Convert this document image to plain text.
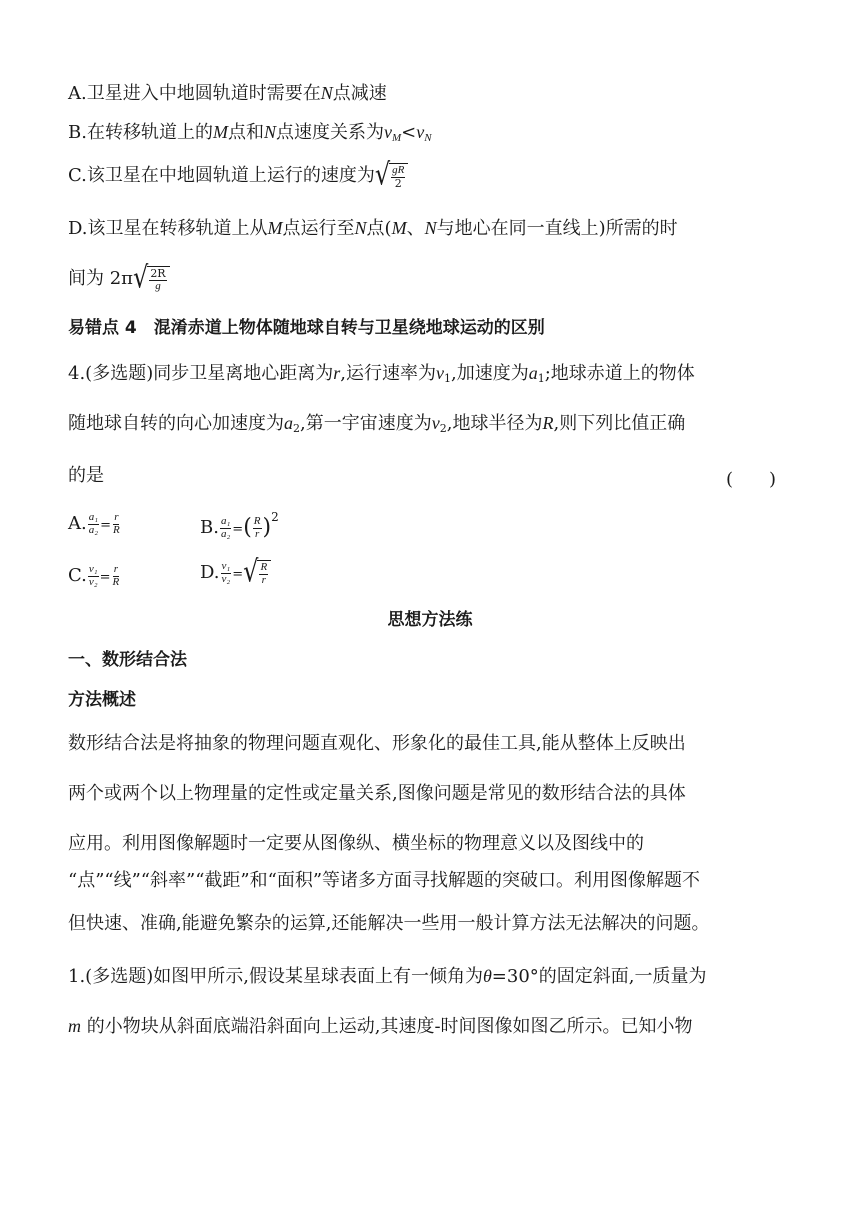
A.卫星进入中地圆轨道时需要在N点减速
B.在转移轨道上的M点和N点速度关系为$v_M<v_N$
C.该卫星在中地圆轨道上运行的速度为 √ $\frac{gR}{2}$
D.该卫星在转移轨道上从M点运行至N点(M、N与地心在同一直线上)所需的时
间为 2π √ $\frac{2R}{g}$
易错点 4　混淆赤道上物体随地球自转与卫星绕地球运动的区别
4.(多选题)同步卫星离地心距离为r,运行速率为$v_1$,加速度为$a_1$;地球赤道上的物体
随地球自转的向心加速度为$a_2$,第一宇宙速度为$v_2$,地球半径为R,则下列比值正确
的是	(　　)
A. $\frac{\text{a₁}}{\text{a₂}} = \frac{r}{R}$	B. $\frac{\text{a₁}}{\text{a₂}}$ =( $\frac{R}{r} )^2$
C. $\frac{\text{v₁}}{\text{v₂}} = \frac{r}{R}$	D. $\frac{\text{v₁}}{\text{v₂}}$ = √ $\frac{R}{r}$
思想方法练
一、数形结合法
方法概述
数形结合法是将抽象的物理问题直观化、形象化的最佳工具,能从整体上反映出
两个或两个以上物理量的定性或定量关系,图像问题是常见的数形结合法的具体
应用。利用图像解题时一定要从图像纵、横坐标的物理意义以及图线中的
“点”“线”“斜率”“截距”和“面积”等诸多方面寻找解题的突破口。利用图像解题不
但快速、准确,能避免繁杂的运算,还能解决一些用一般计算方法无法解决的问题。
1.(多选题)如图甲所示,假设某星球表面上有一倾角为θ=30°的固定斜面,一质量为
m 的小物块从斜面底端沿斜面向上运动,其速度-时间图像如图乙所示。已知小物
